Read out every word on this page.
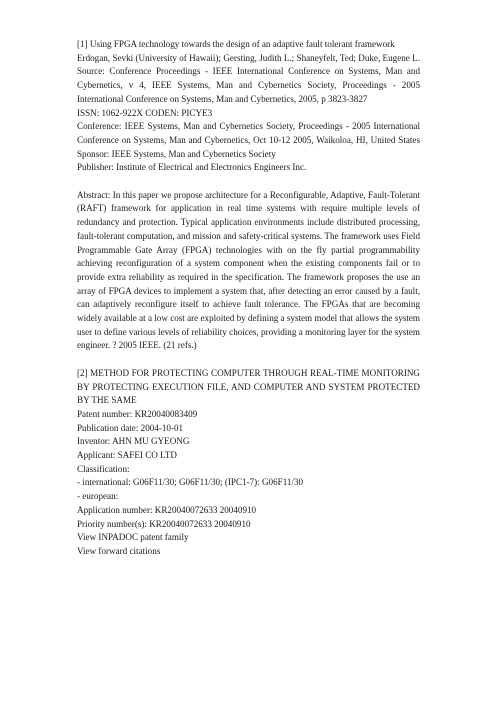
[1] Using FPGA technology towards the design of an adaptive fault tolerant framework
Erdogan, Sevki (University of Hawaii); Gersting, Judith L.; Shaneyfelt, Ted; Duke, Eugene L. Source: Conference Proceedings - IEEE International Conference on Systems, Man and Cybernetics, v 4, IEEE Systems, Man and Cybernetics Society, Proceedings - 2005 International Conference on Systems, Man and Cybernetics, 2005, p 3823-3827
ISSN: 1062-922X CODEN: PICYE3
Conference: IEEE Systems, Man and Cybernetics Society, Proceedings - 2005 International Conference on Systems, Man and Cybernetics, Oct 10-12 2005, Waikoloa, HI, United States Sponsor: IEEE Systems, Man and Cybernetics Society
Publisher: Institute of Electrical and Electronics Engineers Inc.
Abstract: In this paper we propose architecture for a Reconfigurable, Adaptive, Fault-Tolerant (RAFT) framework for application in real time systems with require multiple levels of redundancy and protection. Typical application environments include distributed processing, fault-tolerant computation, and mission and safety-critical systems. The framework uses Field Programmable Gate Array (FPGA) technologies with on the fly partial programmability achieving reconfiguration of a system component when the existing components fail or to provide extra reliability as required in the specification. The framework proposes the use an array of FPGA devices to implement a system that, after detecting an error caused by a fault, can adaptively reconfigure itself to achieve fault tolerance. The FPGAs that are becoming widely available at a low cost are exploited by defining a system model that allows the system user to define various levels of reliability choices, providing a monitoring layer for the system engineer. ? 2005 IEEE. (21 refs.)
[2] METHOD FOR PROTECTING COMPUTER THROUGH REAL-TIME MONITORING BY PROTECTING EXECUTION FILE, AND COMPUTER AND SYSTEM PROTECTED BY THE SAME
Patent number: KR20040083409
Publication date: 2004-10-01
Inventor: AHN MU GYEONG
Applicant: SAFEI CO LTD
Classification:
- international: G06F11/30; G06F11/30; (IPC1-7): G06F11/30
- european:
Application number: KR20040072633 20040910
Priority number(s): KR20040072633 20040910
View INPADOC patent family
View forward citations
